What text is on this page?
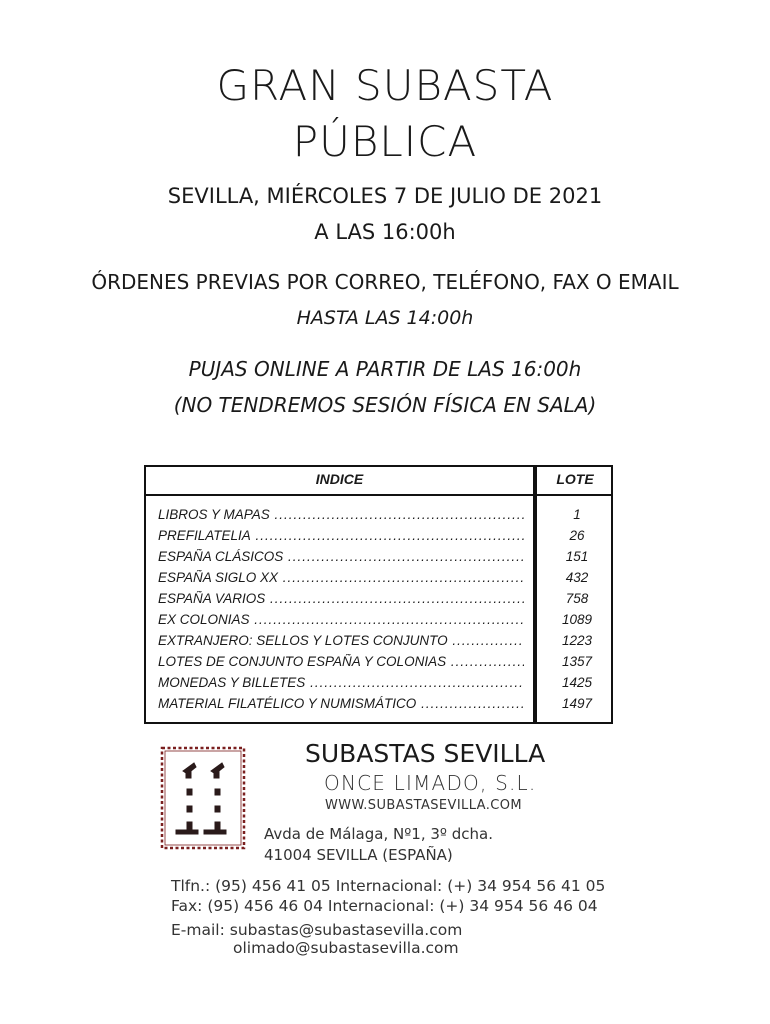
GRAN SUBASTA
PÚBLICA
SEVILLA, MIÉRCOLES 7 DE JULIO DE 2021
A LAS 16:00h
ÓRDENES PREVIAS POR CORREO, TELÉFONO, FAX O EMAIL
HASTA LAS 14:00h
PUJAS ONLINE A PARTIR DE LAS 16:00h
(NO TENDREMOS SESIÓN FÍSICA EN SALA)
INDICE	LOTE
LIBROS Y MAPAS .....	1
PREFILATELIA .....	26
ESPAÑA CLÁSICOS .....	151
ESPAÑA SIGLO XX .....	432
ESPAÑA VARIOS .....	758
EX COLONIAS .....	1089
EXTRANJERO: SELLOS Y LOTES CONJUNTO .....	1223
LOTES DE CONJUNTO ESPAÑA Y COLONIAS .....	1357
MONEDAS Y BILLETES .....	1425
MATERIAL FILATÉLICO Y NUMISMÁTICO .....	1497
SUBASTAS SEVILLA
ONCE LIMADO, S.L.
WWW.SUBASTASEVILLA.COM
Avda de Málaga, Nº1, 3º dcha.
41004 SEVILLA (ESPAÑA)
Tlfn.: (95) 456 41 05 Internacional: (+) 34 954 56 41 05
Fax: (95) 456 46 04 Internacional: (+) 34 954 56 46 04
E-mail: subastas@subastasevilla.com
olimado@subastasevilla.com
